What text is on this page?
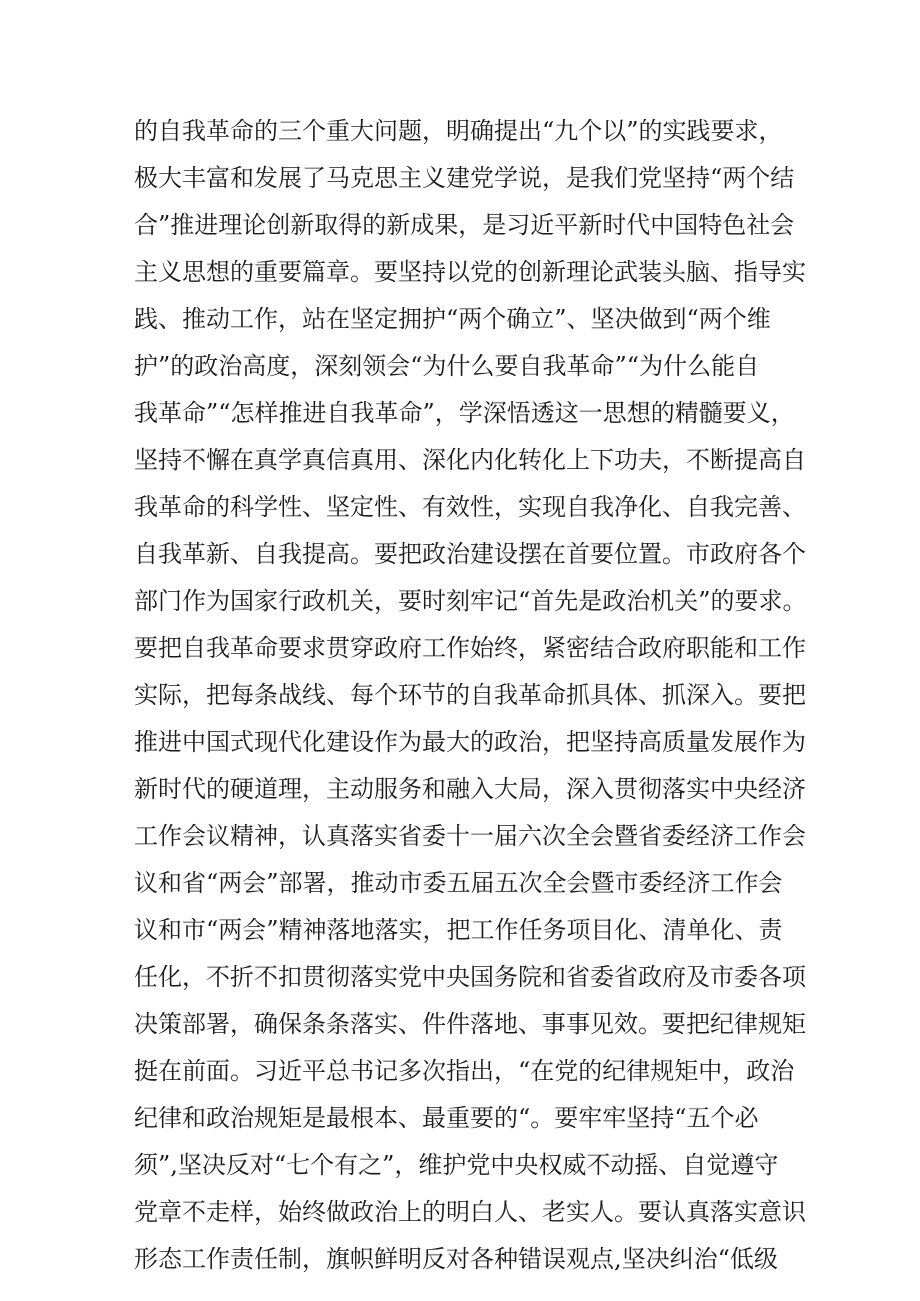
的自我革命的三个重大问题，明确提出“九个以”的实践要求，
极大丰富和发展了马克思主义建党学说，是我们党坚持“两个结
合”推进理论创新取得的新成果，是习近平新时代中国特色社会
主义思想的重要篇章。要坚持以党的创新理论武装头脑、指导实
践、推动工作，站在坚定拥护“两个确立”、坚决做到“两个维
护”的政治高度，深刻领会“为什么要自我革命”“为什么能自
我革命”“怎样推进自我革命”，学深悟透这一思想的精髓要义，
坚持不懈在真学真信真用、深化内化转化上下功夫，不断提高自
我革命的科学性、坚定性、有效性，实现自我净化、自我完善、
自我革新、自我提高。要把政治建设摆在首要位置。市政府各个
部门作为国家行政机关，要时刻牢记“首先是政治机关”的要求。
要把自我革命要求贯穿政府工作始终，紧密结合政府职能和工作
实际，把每条战线、每个环节的自我革命抓具体、抓深入。要把
推进中国式现代化建设作为最大的政治，把坚持高质量发展作为
新时代的硬道理，主动服务和融入大局，深入贯彻落实中央经济
工作会议精神，认真落实省委十一届六次全会暨省委经济工作会
议和省“两会”部署，推动市委五届五次全会暨市委经济工作会
议和市“两会”精神落地落实，把工作任务项目化、清单化、责
任化，不折不扣贯彻落实党中央国务院和省委省政府及市委各项
决策部署，确保条条落实、件件落地、事事见效。要把纪律规矩
挺在前面。习近平总书记多次指出，“在党的纪律规矩中，政治
纪律和政治规矩是最根本、最重要的“。要牢牢坚持“五个必
须”,坚决反对“七个有之”，维护党中央权威不动摇、自觉遵守
党章不走样，始终做政治上的明白人、老实人。要认真落实意识
形态工作责任制，旗帜鲜明反对各种错误观点,坚决纠治“低级
